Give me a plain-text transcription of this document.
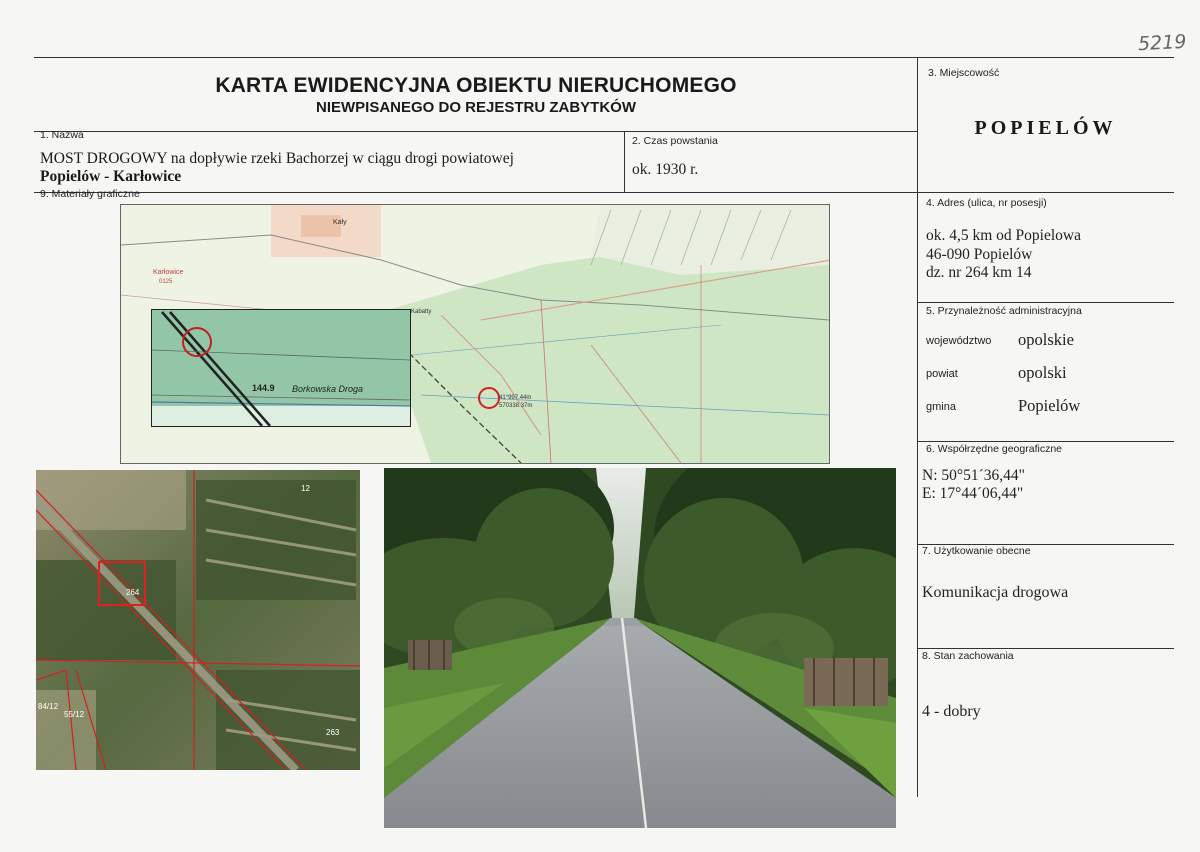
5219
KARTA EWIDENCYJNA OBIEKTU NIERUCHOMEGO
NIEWPISANEGO DO REJESTRU ZABYTKÓW
3. Miejscowość
POPIELÓW
1. Nazwa
MOST DROGOWY na dopływie rzeki Bachorzej w ciągu drogi powiatowej
Popielów - Karłowice
2. Czas powstania
ok. 1930 r.
9. Materiały graficzne
4. Adres (ulica, nr posesji)
ok. 4,5 km od Popielowa
46-090 Popielów
dz. nr 264 km 14
5. Przynależność administracyjna
województwo opolskie
powiat	opolski
gmina	Popielów
6. Współrzędne geograficzne
N: 50°51´36,44"
E: 17°44´06,44"
7. Użytkowanie obecne
Komunikacja drogowa
8. Stan zachowania
4 - dobry
Kały
Karłowice
0125
Kabatty
41°997.44m
570338.37m
144.9 Borkowska Droga
264
84/12
55/12
263
12
